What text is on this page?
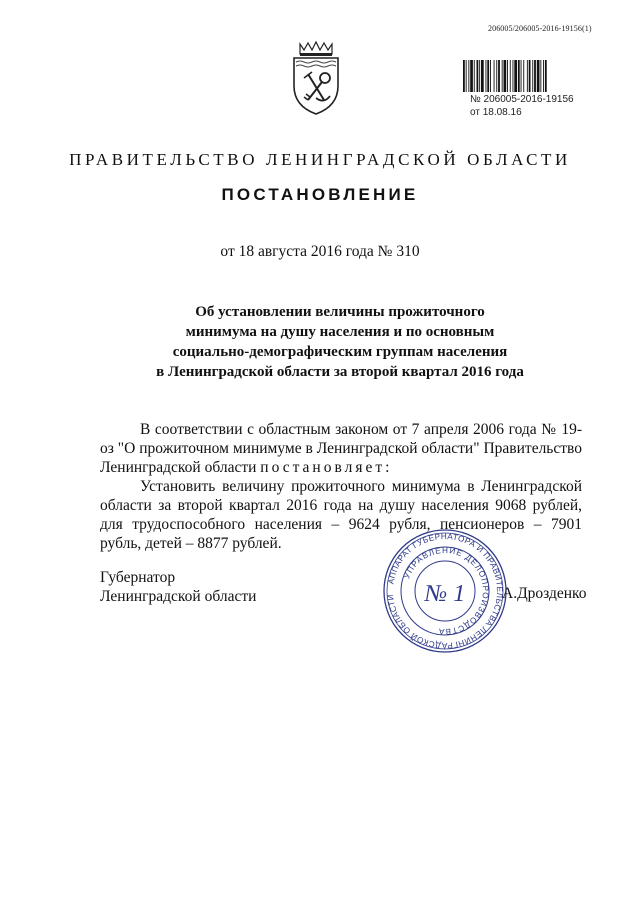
206005/206005-2016-19156(1)
№ 206005-2016-19156
от 18.08.16
ПРАВИТЕЛЬСТВО ЛЕНИНГРАДСКОЙ ОБЛАСТИ
ПОСТАНОВЛЕНИЕ
от 18 августа 2016 года № 310
Об установлении величины прожиточного
минимума на душу населения и по основным
социально-демографическим группам населения
в Ленинградской области за второй квартал 2016 года

В соответствии с областным законом от 7 апреля 2006 года № 19-оз "О прожиточном минимуме в Ленинградской области" Правительство Ленинградской области постановляет:

Установить величину прожиточного минимума в Ленинградской области за второй квартал 2016 года на душу населения 9068 рублей, для трудоспособного населения – 9624 рубля, пенсионеров – 7901 рубль, детей – 8877 рублей.

Губернатор
Ленинградской области
АППАРАТ ГУБЕРНАТОРА И ПРАВИТЕЛЬСТВА ЛЕНИНГРАДСКОЙ ОБЛАСТИ
УПРАВЛЕНИЕ ДЕЛОПРОИЗВОДСТВА
№ 1 А.Дрозденко
